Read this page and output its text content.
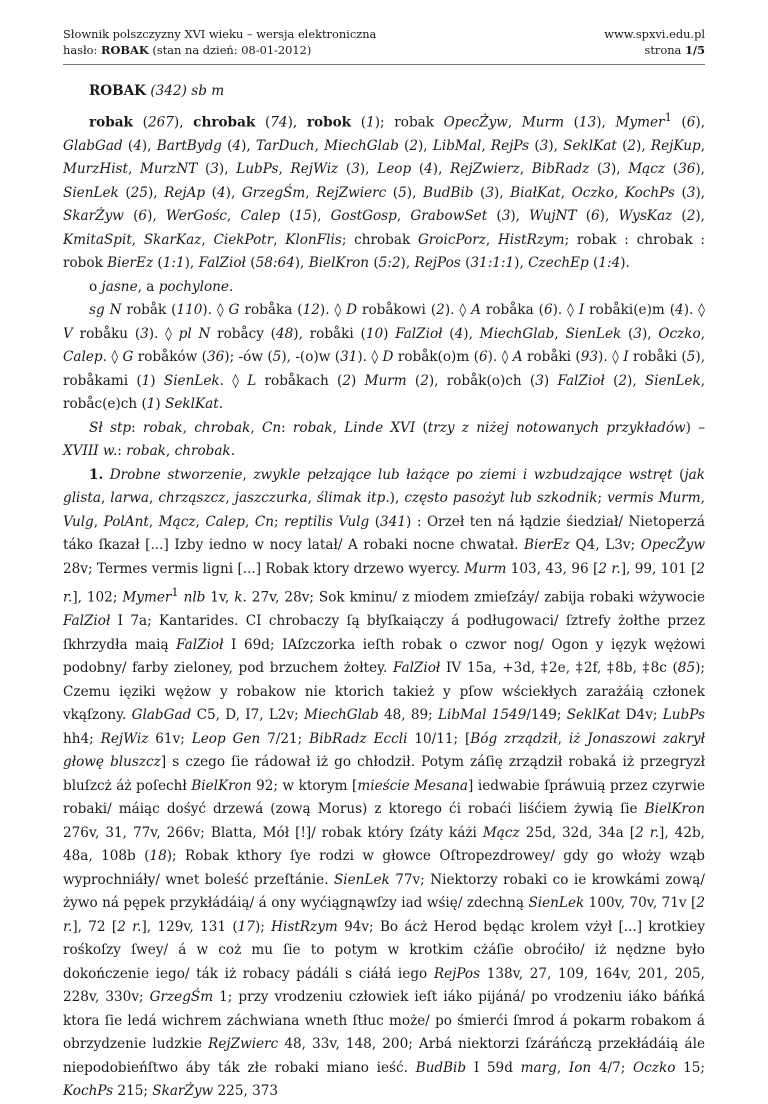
Słownik polszczyzny XVI wieku – wersja elektroniczna
hasło: ROBAK (stan na dzień: 08-01-2012)
www.spxvi.edu.pl
strona 1/5

ROBAK (342) sb m

robak (267), chrobak (74), robok (1); robak OpecŻyw, Murm (13), Mymer$^1$ (6), GlabGad (4), BartBydg (4), TarDuch, MiechGlab (2), LibMal, RejPs (3), SeklKat (2), RejKup, MurzHist, MurzNT (3), LubPs, RejWiz (3), Leop (4), RejZwierz, BibRadz (3), Mącz (36), SienLek (25), RejAp (4), GrzegŚm, RejZwierc (5), BudBib (3), BiałKat, Oczko, KochPs (3), SkarŻyw (6), WerGośc, Calep (15), GostGosp, GrabowSet (3), WujNT (6), WysKaz (2), KmitaSpit, SkarKaz, CiekPotr, KlonFlis; chrobak GroicPorz, HistRzym; robak : chrobak : robok BierEz (1:1), FalZioł (58:64), BielKron (5:2), RejPos (31:1:1), CzechEp (1:4).

o jasne, a pochylone.

sg N robåk (110). ◊ G robåka (12). ◊ D robåkowi (2). ◊ A robåka (6). ◊ I robåki(e)m (4). ◊ V robåku (3). ◊ pl N robåcy (48), robåki (10) FalZioł (4), MiechGlab, SienLek (3), Oczko, Calep. ◊ G robåków (36); -ów (5), -(o)w (31). ◊ D robåk(o)m (6). ◊ A robåki (93). ◊ I robåki (5), robåkami (1) SienLek. ◊ L robåkach (2) Murm (2), robåk(o)ch (3) FalZioł (2), SienLek, robåc(e)ch (1) SeklKat.

Sł stp: robak, chrobak, Cn: robak, Linde XVI (trzy z niżej notowanych przykładów) – XVIII w.: robak, chrobak.

1. Drobne stworzenie, zwykle pełzające lub łażące po ziemi i wzbudzające wstręt (jak glista, larwa, chrząszcz, jaszczurka, ślimak itp.), często pasożyt lub szkodnik; vermis Murm, Vulg, PolAnt, Mącz, Calep, Cn; reptilis Vulg (341) : Orzeł ten ná łądzie śiedział/ Nietoperzá táko ſkazał [...] Izby iedno w nocy latał/ A robaki nocne chwatał. BierEz Q4, L3v; OpecŻyw 28v; Termes vermis ligni [...] Robak ktory drzewo wyercy. Murm 103, 43, 96 [2 r.], 99, 101 [2 r.], 102; Mymer$^1$ nlb 1v, k. 27v, 28v; Sok kminu/ z miodem zmieſzáy/ zabija robaki wżywocie FalZioł I 7a; Kantarides. CI chrobaczy ſą błyſkaiączy á podługowaci/ ſztrefy żołthe przez ſkhrzydła maią FalZioł I 69d; IAſzczorka ieſth robak o czwor nog/ Ogon y ięzyk wężowi podobny/ farby zieloney, pod brzuchem żołtey. FalZioł IV 15a, +3d, ‡2e, ‡2f, ‡8b, ‡8c (85); Czemu ięziki wężow y robakow nie ktorich takież y pſow wściekłych zarażáią członek vkąſzony. GlabGad C5, D, I7, L2v; MiechGlab 48, 89; LibMal 1549/149; SeklKat D4v; LubPs hh4; RejWiz 61v; Leop Gen 7/21; BibRadz Eccli 10/11; [Bóg zrządził, iż Jonaszowi zakrył głowę bluszcz] s czego ſie rádował iż go chłodził. Potym záſię zrządził robaká iż przegryzł bluſzcż áż poſechł BielKron 92; w ktorym [mieście Mesana] iedwabie ſpráwuią przez czyrwie robaki/ máiąc dośyć drzewá (zową Morus) z ktorego ći robaći liśćiem żywią ſie BielKron 276v, 31, 77v, 266v; Blatta, Mół [!]/ robak który ſzáty káżi Mącz 25d, 32d, 34a [2 r.], 42b, 48a, 108b (18); Robak kthory ſye rodzi w głowce Oſtropezdrowey/ gdy go włoży wząb wyprochniáły/ wnet boleść przeſtánie. SienLek 77v; Niektorzy robaki co ie krowkámi zową/ żywo ná pępek przykłádáią/ á ony wyćiągnąwſzy iad wśię/ zdechną SienLek 100v, 70v, 71v [2 r.], 72 [2 r.], 129v, 131 (17); HistRzym 94v; Bo ácż Herod będąc krolem vżył [...] krotkiey rośkoſzy ſwey/ á w coż mu ſie to potym w krotkim cżáſie obroćiło/ iż nędzne było dokończenie iego/ ták iż robacy pádáli s ciáłá iego RejPos 138v, 27, 109, 164v, 201, 205, 228v, 330v; GrzegŚm 1; przy vrodzeniu człowiek ieſt iáko pijáná/ po vrodzeniu iáko báńká ktora ſie ledá wichrem záchwiana wneth ſtłuc może/ po śmierći ſmrod á pokarm robakom á obrzydzenie ludzkie RejZwierc 48, 33v, 148, 200; Arbá niektorzi ſzáráńczą przekłádáią ále niepodobieńſtwo áby ták złe robaki miano ieść. BudBib I 59d marg, Ion 4/7; Oczko 15; KochPs 215; SkarŻyw 225, 373
